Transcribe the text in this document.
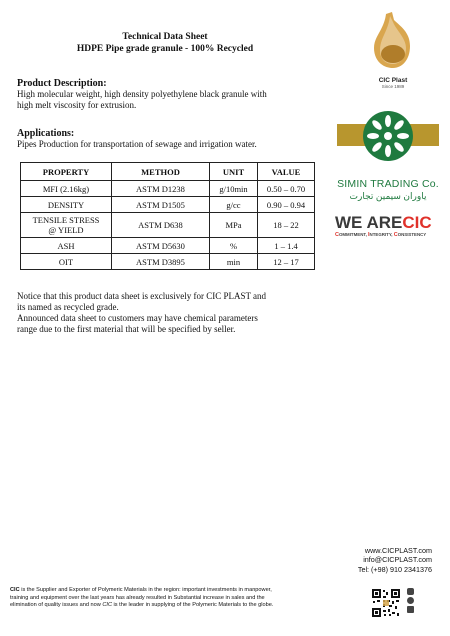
Technical Data Sheet
HDPE Pipe grade granule - 100% Recycled
CIC Plast
Since 1989
SIMIN TRADING Co.
یاوران سیمین تجارت
WE ARECIC
COMMITMENT, INTEGRITY, CONSISTENCY
Product Description:
High molecular weight, high density polyethylene black granule with
high melt viscosity for extrusion.
Applications:
Pipes Production for transportation of sewage and irrigation water.
PROPERTY	METHOD	UNIT	VALUE
MFI (2.16kg)	ASTM D1238	g/10min	0.50 – 0.70
DENSITY	ASTM D1505	g/cc	0.90 – 0.94

TENSILE STRESS
@ YIELD	ASTM D638	MPa	18 – 22
ASH	ASTM D5630	%	1 – 1.4
OIT	ASTM D3895	min	12 – 17
Notice that this product data sheet is exclusively for CIC PLAST and
its named as recycled grade.
Announced data sheet to customers may have chemical parameters
range due to the first material that will be specified by seller.
www.CICPLAST.com
info@CICPLAST.com
Tel: (+98) 910 2341376
CIC is the Supplier and Exporter of Polymeric Materials in the region: important investments in manpower,
training and equipment over the last years has already resulted in Substantial increase in sales and the
elimination of quality issues and now CIC is the leader in supplying of the Polymeric Materials to the globe.
